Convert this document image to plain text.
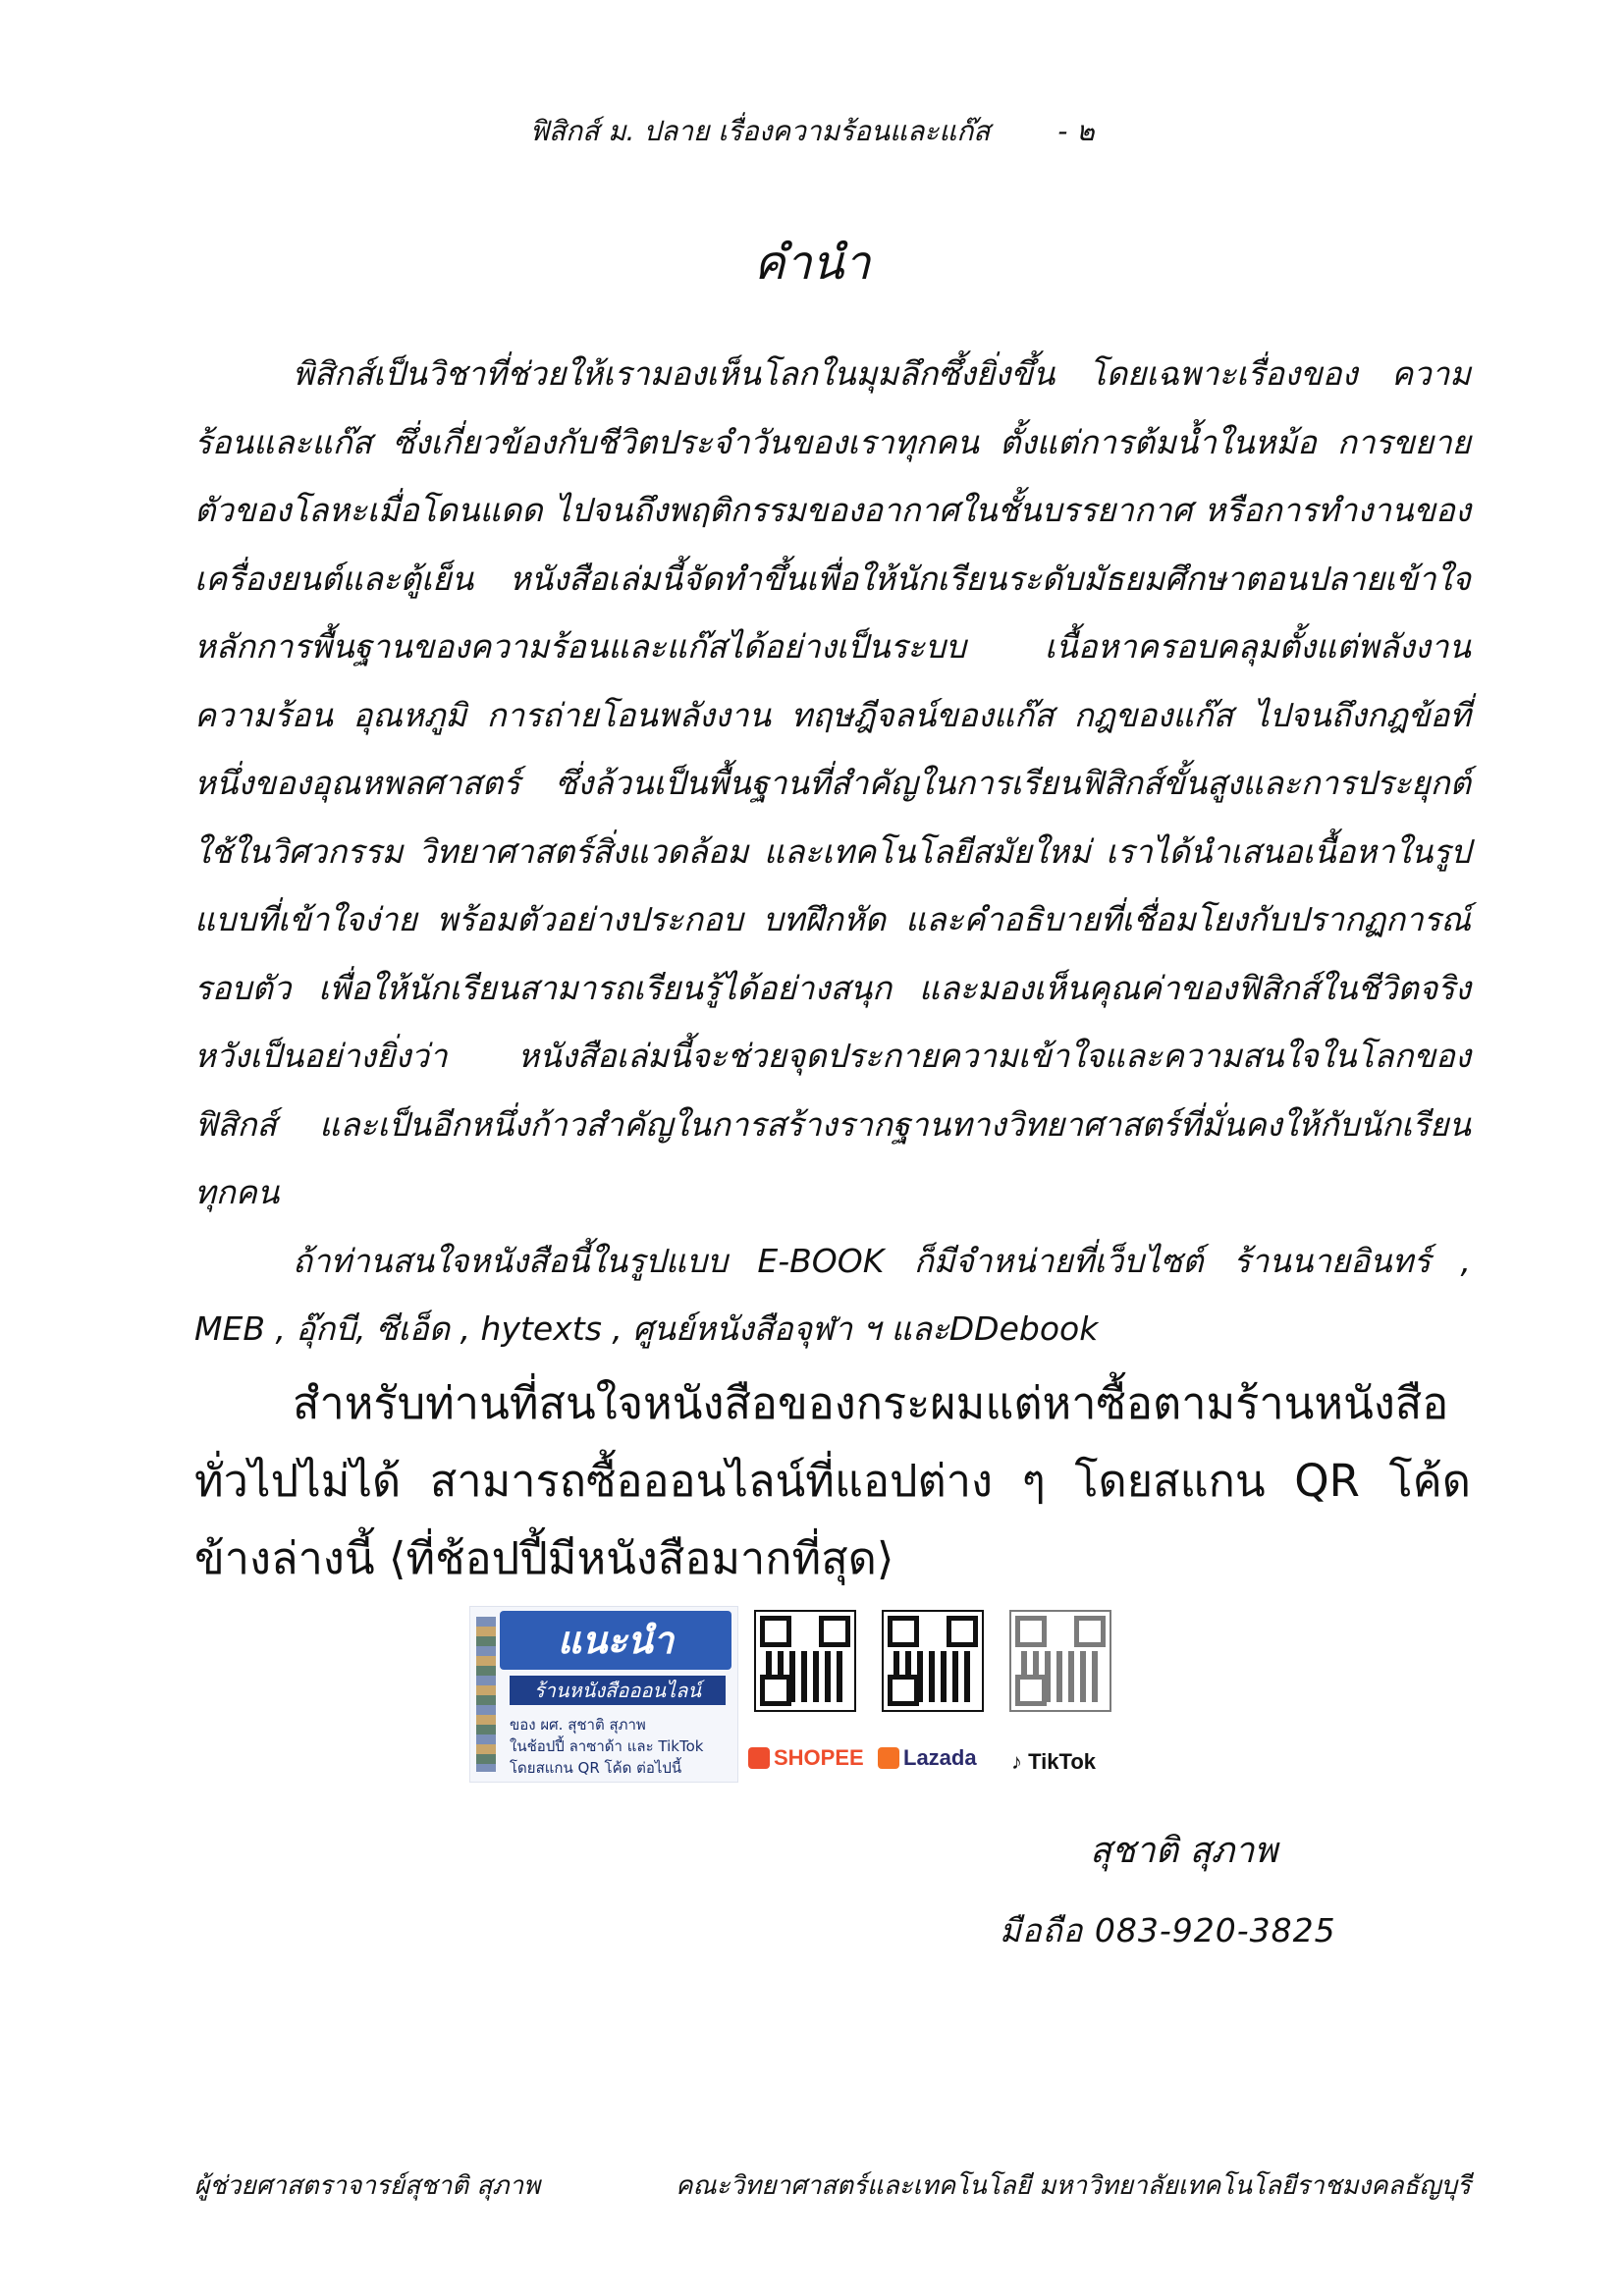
ฟิสิกส์ ม. ปลาย เรื่องความร้อนและแก๊ส - ๒
คำนำ

พิสิกส์เป็นวิชาที่ช่วยให้เรามองเห็นโลกในมุมลึกซึ้งยิ่งขึ้น โดยเฉพาะเรื่องของ ความร้อนและแก๊ส ซึ่งเกี่ยวข้องกับชีวิตประจำวันของเราทุกคน ตั้งแต่การต้มน้ำในหม้อ การขยายตัวของโลหะเมื่อโดนแดด ไปจนถึงพฤติกรรมของอากาศในชั้นบรรยากาศ หรือการทำงานของเครื่องยนต์และตู้เย็น หนังสือเล่มนี้จัดทำขึ้นเพื่อให้นักเรียนระดับมัธยมศึกษาตอนปลายเข้าใจหลักการพื้นฐานของความร้อนและแก๊สได้อย่างเป็นระบบ เนื้อหาครอบคลุมตั้งแต่พลังงานความร้อน อุณหภูมิ การถ่ายโอนพลังงาน ทฤษฎีจลน์ของแก๊ส กฎของแก๊ส ไปจนถึงกฎข้อที่หนึ่งของอุณหพลศาสตร์ ซึ่งล้วนเป็นพื้นฐานที่สำคัญในการเรียนฟิสิกส์ขั้นสูงและการประยุกต์ใช้ในวิศวกรรม วิทยาศาสตร์สิ่งแวดล้อม และเทคโนโลยีสมัยใหม่ เราได้นำเสนอเนื้อหาในรูปแบบที่เข้าใจง่าย พร้อมตัวอย่างประกอบ บทฝึกหัด และคำอธิบายที่เชื่อมโยงกับปรากฏการณ์รอบตัว เพื่อให้นักเรียนสามารถเรียนรู้ได้อย่างสนุก และมองเห็นคุณค่าของฟิสิกส์ในชีวิตจริง หวังเป็นอย่างยิ่งว่า หนังสือเล่มนี้จะช่วยจุดประกายความเข้าใจและความสนใจในโลกของฟิสิกส์ และเป็นอีกหนึ่งก้าวสำคัญในการสร้างรากฐานทางวิทยาศาสตร์ที่มั่นคงให้กับนักเรียนทุกคน

ถ้าท่านสนใจหนังสือนี้ในรูปแบบ E-BOOK ก็มีจำหน่ายที่เว็บไซต์ ร้านนายอินทร์ , MEB , อุ๊กบี, ซีเอ็ด , hytexts , ศูนย์หนังสือจุฬา ฯ และDDebook

สำหรับท่านที่สนใจหนังสือของกระผมแต่หาซื้อตามร้านหนังสือทั่วไปไม่ได้ สามารถซื้อออนไลน์ที่แอปต่าง ๆ โดยสแกน QR โค้ดข้างล่างนี้ ⟨ที่ช้อปปี้มีหนังสือมากที่สุด⟩

แนะนำ
ร้านหนังสือออนไลน์
ของ ผศ. สุชาติ สุภาพ
ในช้อปปี้ ลาซาด้า และ TikTok
โดยสแกน QR โค้ด ต่อไปนี้	SHOPEE	Lazada ♪ TikTok
สุชาติ สุภาพ
มือถือ 083-920-3825
ผู้ช่วยศาสตราจารย์สุชาติ สุภาพ	คณะวิทยาศาสตร์และเทคโนโลยี มหาวิทยาลัยเทคโนโลยีราชมงคลธัญบุรี
